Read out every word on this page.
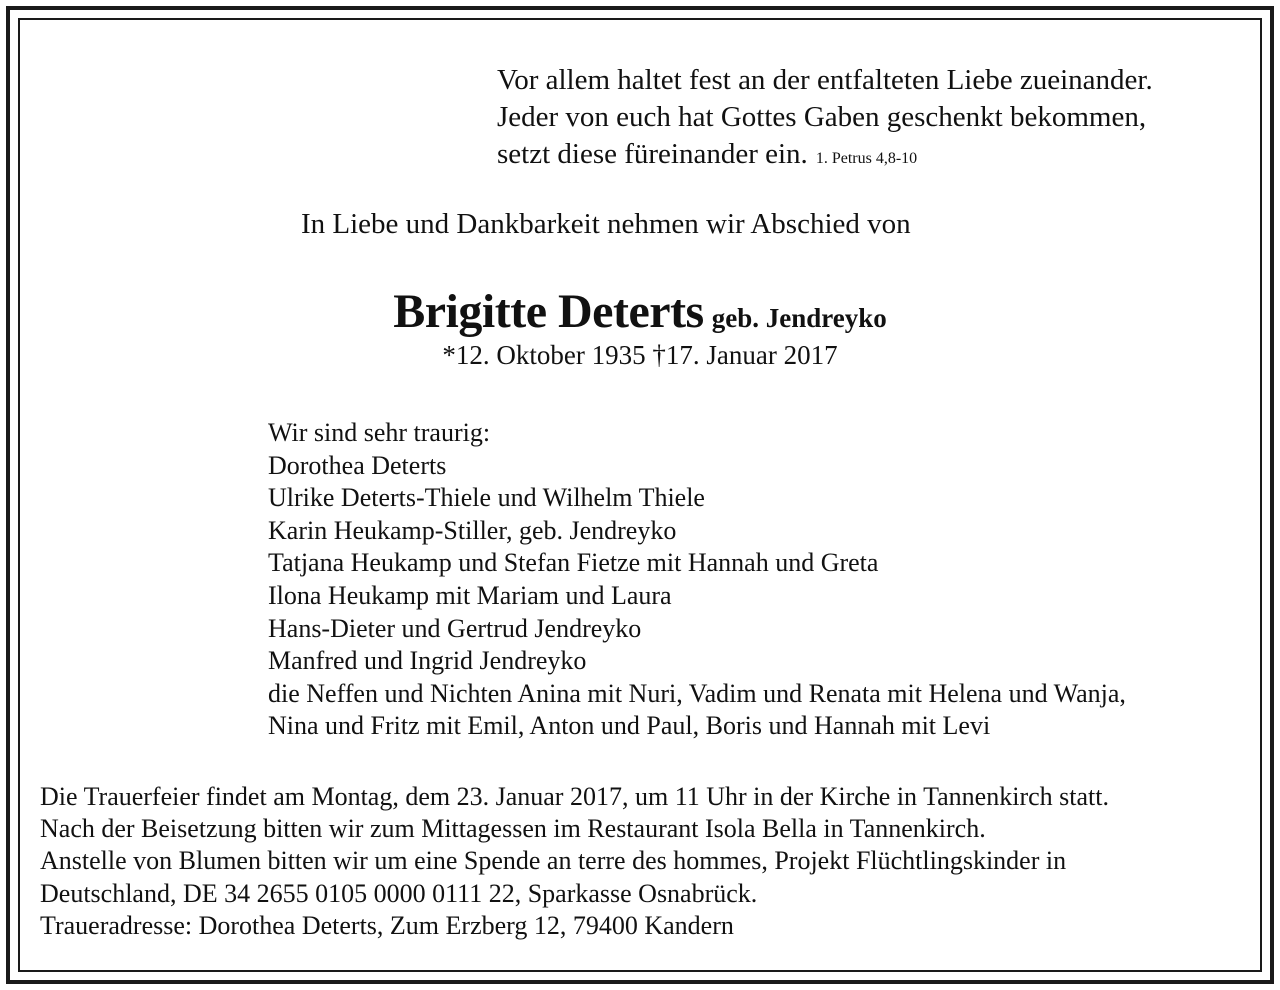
Vor allem haltet fest an der entfalteten Liebe zueinander.
Jeder von euch hat Gottes Gaben geschenkt bekommen,
setzt diese füreinander ein. 1. Petrus 4,8-10
In Liebe und Dankbarkeit nehmen wir Abschied von
Brigitte Deterts geb. Jendreyko
*12. Oktober 1935 †17. Januar 2017
Wir sind sehr traurig:
Dorothea Deterts
Ulrike Deterts-Thiele und Wilhelm Thiele
Karin Heukamp-Stiller, geb. Jendreyko
Tatjana Heukamp und Stefan Fietze mit Hannah und Greta
Ilona Heukamp mit Mariam und Laura
Hans-Dieter und Gertrud Jendreyko
Manfred und Ingrid Jendreyko
die Neffen und Nichten Anina mit Nuri, Vadim und Renata mit Helena und Wanja,
Nina und Fritz mit Emil, Anton und Paul, Boris und Hannah mit Levi
Die Trauerfeier findet am Montag, dem 23. Januar 2017, um 11 Uhr in der Kirche in Tannenkirch statt.
Nach der Beisetzung bitten wir zum Mittagessen im Restaurant Isola Bella in Tannenkirch.
Anstelle von Blumen bitten wir um eine Spende an terre des hommes, Projekt Flüchtlingskinder in
Deutschland, DE 34 2655 0105 0000 0111 22, Sparkasse Osnabrück.
Traueradresse: Dorothea Deterts, Zum Erzberg 12, 79400 Kandern
